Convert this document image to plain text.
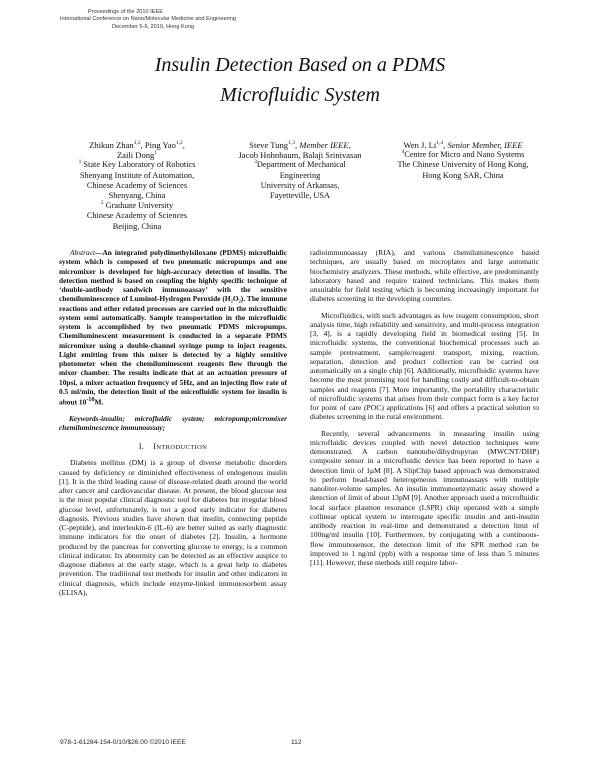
Proceedings of the 2010 IEEE
International Conference on Nano/Molecular Medicine and Engineering
December 5-9, 2010, Hong Kong
Insulin Detection Based on a PDMS
Microfluidic System
Zhikun Zhan$^{1,2}$, Ping Yao$^{1,2}$,
Zaili Dong$^1$
$^1$ State Key Laboratory of Robotics
Shenyang Institute of Automation,
Chinese Academy of Sciences
Shenyang, China
$^2$ Graduate University
Chinese Academy of Sciences
Beijing, China
Steve Tung$^{1,3}$, Member IEEE,
Jacob Hohnbaum, Balaji Srinivasan
$^3$Department of Mechanical
Engineering
University of Arkansas,
Fayetteville, USA
Wen J. Li$^{1,4}$, Senior Member, IEEE
$^4$Centre for Micro and Nano Systems
The Chinese University of Hong Kong,
Hong Kong SAR, China

Abstract—An integrated polydimethylsiloxane (PDMS) microfluidic system which is composed of two pneumatic micropumps and one micromixer is developed for high-accuracy detection of insulin. The detection method is based on coupling the highly specific technique of ‘double-antibody sandwich immunoassay’ with the sensitive chemiluminescence of Luminol-Hydrogen Peroxide (H₂O₂). The immune reactions and other related processes are carried out in the microfluidic system semi automatically. Sample transportation in the microfluidic system is accomplished by two pneumatic PDMS micropumps. Chemiluminescent measurement is conducted in a separate PDMS micromixer using a double-channel syringe pump to inject reagents. Light emitting from this mixer is detected by a highly sensitive photometer when the chemiluminescent reagents flow through the mixer chamber. The results indicate that at an actuation pressure of 10psi, a mixer actuation frequency of 5Hz, and an injecting flow rate of 0.5 ml/min, the detection limit of the microfluidic system for insulin is about $10^{-10}M$.

Keywords-insulin; microfluidic system; micropump;micromixer chemiluminescence immunoassay;

I. INTRODUCTION

Diabetes mellitus (DM) is a group of diverse metabolic disorders caused by deficiency or diminished effectiveness of endogenous insulin [1]. It is the third leading cause of disease-related death around the world after cancer and cardiovascular disease. At present, the blood glucose test is the most popular clinical diagnostic tool for diabetes but irregular blood glucose level, unfortunately, is not a good early indicator for diabetes diagnosis. Previous studies have shown that insulin, connecting peptide (C-peptide), and interleukin-6 (IL-6) are better suited as early diagnostic immune indicators for the onset of diabetes [2]. Insulin, a hormone produced by the pancreas for converting glucose to energy, is a common clinical indicator. Its abnormity can be detected as an effective auspice to diagnose diabetes at the early stage, which is a great help to diabetes prevention. The traditional test methods for insulin and other indicators in clinical diagnosis, which include enzyme-linked immunosorbent assay (ELISA),

radioimmunoassay (RIA), and various chemiluminescence based techniques, are usually based on microplates and large automatic biochemistry analyzers. These methods, while effective, are predominantly laboratory based and require trained technicians. This makes them unsuitable for field testing which is becoming increasingly important for diabetes screening in the developing countries.

Microfluidics, with such advantages as low reagent consumption, short analysis time, high reliability and sensitivity, and multi-process integration [3, 4], is a rapidly developing field in biomedical testing [5]. In microfluidic systems, the conventional biochemical processes such as sample pretreatment, sample/reagent transport, mixing, reaction, separation, detection and product collection can be carried out automatically on a single chip [6]. Additionally, microfluidic systems have become the most promising tool for handling costly and difficult-to-obtain samples and reagents [7]. More importantly, the portability characteristic of microfluidic systems that arises from their compact form is a key factor for point of care (POC) applications [6] and offers a practical solution to diabetes screening in the rural environment.

Recently, several advancements in measuring insulin using microfluidic devices coupled with novel detection techniques were demonstrated. A carbon nanotube/dihydropyran (MWCNT/DHP) composite sensor in a microfluidic device has been reported to have a detection limit of 1μM [8]. A SlipChip based approach was demonstrated to perform bead-based heterogeneous immunoassays with multiple nanoliter-volume samples. An insulin immunoenzymatic assay showed a detection of limit of about 13pM [9]. Another approach used a microfluidic local surface plasmon resonance (LSPR) chip operated with a simple collinear optical system to interrogate specific insulin and anti-insulin antibody reaction in real-time and demonstrated a detection limit of 100ng/ml insulin [10]. Furthermore, by conjugating with a continuous-flow immunosensor, the detection limit of the SPR method can be improved to 1 ng/ml (ppb) with a response time of less than 5 minutes [11]. However, these methods still require labor-

978-1-61284-154-0/10/$26.00 ©2010 IEEE	112
